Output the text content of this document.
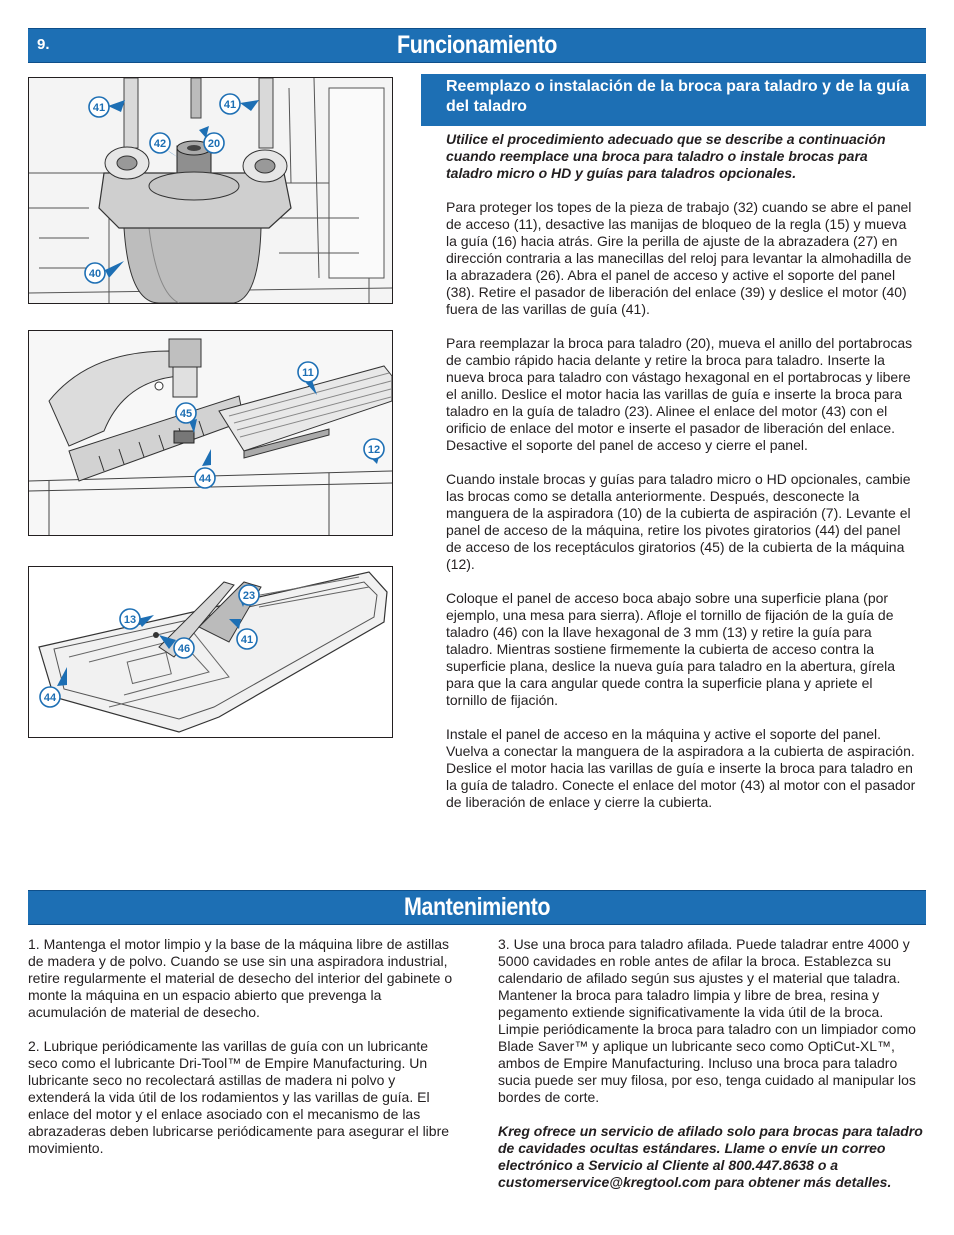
9.	Funcionamiento
41	41
42	20
40
11
45
12
44
23
13
46
41
44
Reemplazo o instalación de la broca para taladro y de la guía del taladro

Utilice el procedimiento adecuado que se describe a continuación cuando reemplace una broca para taladro o instale brocas para taladro micro o HD y guías para taladros opcionales.

Para proteger los topes de la pieza de trabajo (32) cuando se abre el panel de acceso (11), desactive las manijas de bloqueo de la regla (15) y mueva la guía (16) hacia atrás. Gire la perilla de ajuste de la abrazadera (27) en dirección contraria a las manecillas del reloj para levantar la almohadilla de la abrazadera (26). Abra el panel de acceso y active el soporte del panel (38). Retire el pasador de liberación del enlace (39) y deslice el motor (40) fuera de las varillas de guía (41).

Para reemplazar la broca para taladro (20), mueva el anillo del portabrocas de cambio rápido hacia delante y retire la broca para taladro. Inserte la nueva broca para taladro con vástago hexagonal en el portabrocas y libere el anillo. Deslice el motor hacia las varillas de guía e inserte la broca para taladro en la guía de taladro (23). Alinee el enlace del motor (43) con el orificio de enlace del motor e inserte el pasador de liberación del enlace. Desactive el soporte del panel de acceso y cierre el panel.

Cuando instale brocas y guías para taladro micro o HD opcionales, cambie las brocas como se detalla anteriormente. Después, desconecte la manguera de la aspiradora (10) de la cubierta de aspiración (7). Levante el panel de acceso de la máquina, retire los pivotes giratorios (44) del panel de acceso de los receptáculos giratorios (45) de la cubierta de la máquina (12).

Coloque el panel de acceso boca abajo sobre una superficie plana (por ejemplo, una mesa para sierra). Afloje el tornillo de fijación de la guía de taladro (46) con la llave hexagonal de 3 mm (13) y retire la guía para taladro. Mientras sostiene firmemente la cubierta de acceso contra la superficie plana, deslice la nueva guía para taladro en la abertura, gírela para que la cara angular quede contra la superficie plana y apriete el tornillo de fijación.

Instale el panel de acceso en la máquina y active el soporte del panel. Vuelva a conectar la manguera de la aspiradora a la cubierta de aspiración. Deslice el motor hacia las varillas de guía e inserte la broca para taladro en la guía de taladro. Conecte el enlace del motor (43) al motor con el pasador de liberación de enlace y cierre la cubierta.

Mantenimiento

1. Mantenga el motor limpio y la base de la máquina libre de astillas de madera y de polvo. Cuando se use sin una aspiradora industrial, retire regularmente el material de desecho del interior del gabinete o monte la máquina en un espacio abierto que prevenga la acumulación de material de desecho.

2. Lubrique periódicamente las varillas de guía con un lubricante seco como el lubricante Dri-Tool™ de Empire Manufacturing. Un lubricante seco no recolectará astillas de madera ni polvo y extenderá la vida útil de los rodamientos y las varillas de guía. El enlace del motor y el enlace asociado con el mecanismo de las abrazaderas deben lubricarse periódicamente para asegurar el libre movimiento.

3. Use una broca para taladro afilada. Puede taladrar entre 4000 y 5000 cavidades en roble antes de afilar la broca. Establezca su calendario de afilado según sus ajustes y el material que taladra. Mantener la broca para taladro limpia y libre de brea, resina y pegamento extiende significativamente la vida útil de la broca. Limpie periódicamente la broca para taladro con un limpiador como Blade Saver™ y aplique un lubricante seco como OptiCut-XL™, ambos de Empire Manufacturing. Incluso una broca para taladro sucia puede ser muy filosa, por eso, tenga cuidado al manipular los bordes de corte.

Kreg ofrece un servicio de afilado solo para brocas para taladro de cavidades ocultas estándares. Llame o envíe un correo electrónico a Servicio al Cliente al 800.447.8638 o a customerservice@kregtool.com para obtener más detalles.
